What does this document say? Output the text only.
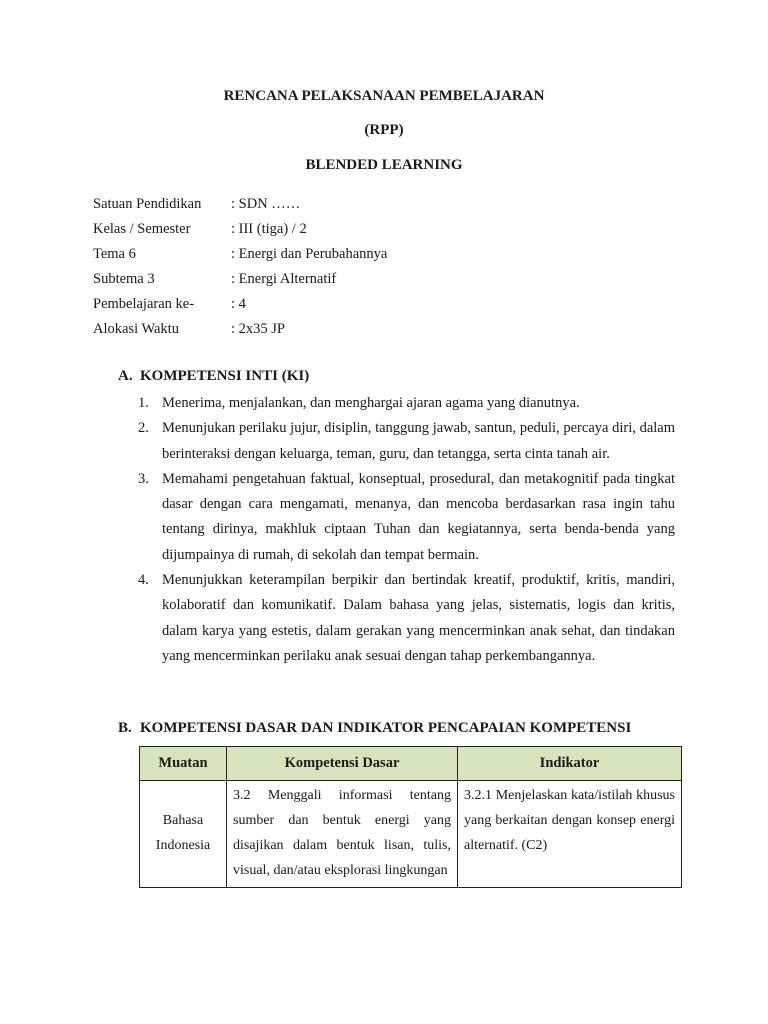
RENCANA PELAKSANAAN PEMBELAJARAN
(RPP)
BLENDED LEARNING
Satuan Pendidikan	: SDN ……
Kelas / Semester	: III (tiga) / 2
Tema 6	: Energi dan Perubahannya
Subtema 3	: Energi Alternatif
Pembelajaran ke-	: 4
Alokasi Waktu	: 2x35 JP
A. KOMPETENSI INTI (KI)
1. Menerima, menjalankan, dan menghargai ajaran agama yang dianutnya.
2. Menunjukan perilaku jujur, disiplin, tanggung jawab, santun, peduli, percaya diri, dalam berinteraksi dengan keluarga, teman, guru, dan tetangga, serta cinta tanah air.
3. Memahami pengetahuan faktual, konseptual, prosedural, dan metakognitif pada tingkat dasar dengan cara mengamati, menanya, dan mencoba berdasarkan rasa ingin tahu tentang dirinya, makhluk ciptaan Tuhan dan kegiatannya, serta benda-benda yang dijumpainya di rumah, di sekolah dan tempat bermain.
4. Menunjukkan keterampilan berpikir dan bertindak kreatif, produktif, kritis, mandiri, kolaboratif dan komunikatif. Dalam bahasa yang jelas, sistematis, logis dan kritis, dalam karya yang estetis, dalam gerakan yang mencerminkan anak sehat, dan tindakan yang mencerminkan perilaku anak sesuai dengan tahap perkembangannya.
B. KOMPETENSI DASAR DAN INDIKATOR PENCAPAIAN KOMPETENSI
Muatan	Kompetensi Dasar	Indikator
Bahasa Indonesia	3.2 Menggali informasi tentang sumber dan bentuk energi yang disajikan dalam bentuk lisan, tulis, visual, dan/atau eksplorasi lingkungan	3.2.1 Menjelaskan kata/istilah khusus yang berkaitan dengan konsep energi alternatif. (C2)
